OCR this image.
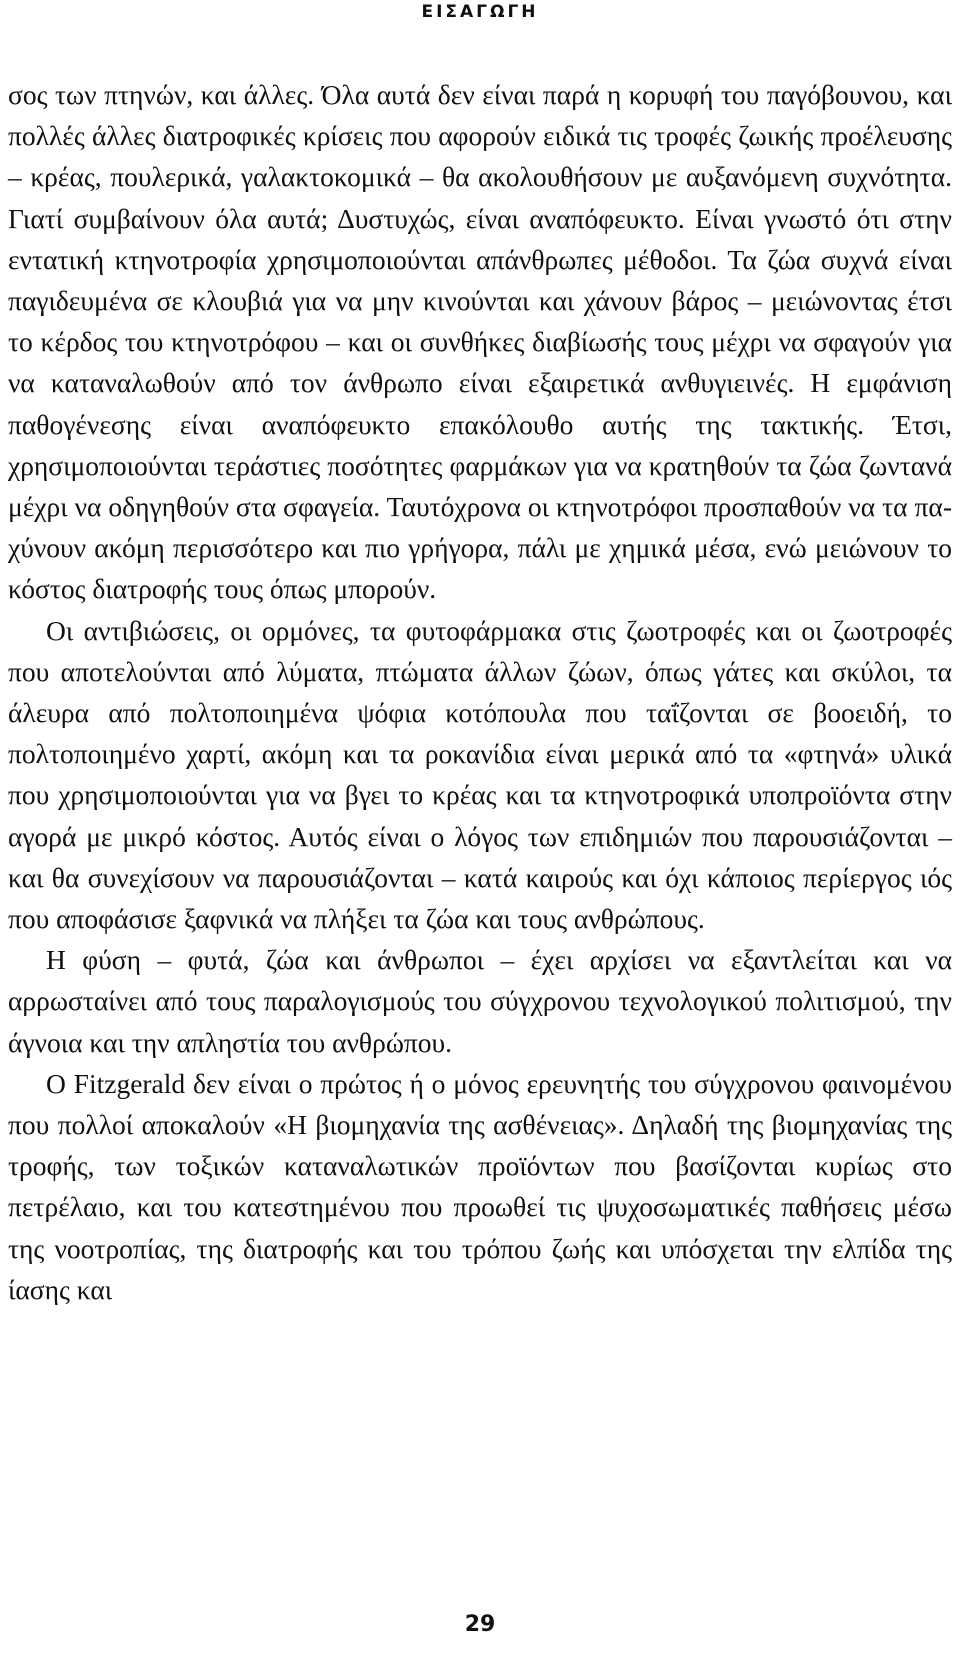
ΕΙΣΑΓΩΓΗ

σος των πτηνών, και άλλες. Όλα αυτά δεν είναι παρά η κορυφή του παγόβουνου, και πολλές άλλες διατροφικές κρίσεις που αφορούν ειδικά τις τροφές ζωικής προέλευσης – κρέας, πουλερικά, γαλακτοκομικά – θα ακολουθήσουν με αυξανόμενη συχνότητα. Γιατί συμβαίνουν όλα αυτά; Δυστυχώς, είναι αναπόφευκτο. Είναι γνωστό ότι στην εντατική κτηνοτροφία χρησιμοποιούνται απάνθρωπες μέθοδοι. Τα ζώα συχνά είναι παγιδευμένα σε κλουβιά για να μην κινούνται και χάνουν βάρος – μειώνοντας έτσι το κέρδος του κτηνοτρόφου – και οι συνθήκες διαβίωσής τους μέχρι να σφαγούν για να καταναλωθούν από τον άνθρωπο είναι εξαιρετικά ανθυγιεινές. Η εμφάνιση παθογένεσης είναι αναπόφευκτο επακόλουθο αυτής της τακτικής. Έτσι, χρησιμοποιούνται τεράστιες ποσότητες φαρμάκων για να κρατηθούν τα ζώα ζωντανά μέχρι να οδηγηθούν στα σφαγεία. Ταυτόχρονα οι κτηνοτρόφοι προσπαθούν να τα παχύνουν ακόμη περισσότερο και πιο γρήγορα, πάλι με χημικά μέσα, ενώ μειώνουν το κόστος διατροφής τους όπως μπορούν.

Οι αντιβιώσεις, οι ορμόνες, τα φυτοφάρμακα στις ζωοτροφές και οι ζωοτροφές που αποτελούνται από λύματα, πτώματα άλλων ζώων, όπως γάτες και σκύλοι, τα άλευρα από πολτοποιημένα ψόφια κοτόπουλα που ταΐζονται σε βοοειδή, το πολτοποιημένο χαρτί, ακόμη και τα ροκανίδια είναι μερικά από τα «φτηνά» υλικά που χρησιμοποιούνται για να βγει το κρέας και τα κτηνοτροφικά υποπροϊόντα στην αγορά με μικρό κόστος. Αυτός είναι ο λόγος των επιδημιών που παρουσιάζονται – και θα συνεχίσουν να παρουσιάζονται – κατά καιρούς και όχι κάποιος περίεργος ιός που αποφάσισε ξαφνικά να πλήξει τα ζώα και τους ανθρώπους.

Η φύση – φυτά, ζώα και άνθρωποι – έχει αρχίσει να εξαντλείται και να αρρωσταίνει από τους παραλογισμούς του σύγχρονου τεχνολογικού πολιτισμού, την άγνοια και την απληστία του ανθρώπου.

Ο Fitzgerald δεν είναι ο πρώτος ή ο μόνος ερευνητής του σύγχρονου φαινομένου που πολλοί αποκαλούν «Η βιομηχανία της ασθένειας». Δηλαδή της βιομηχανίας της τροφής, των τοξικών καταναλωτικών προϊόντων που βασίζονται κυρίως στο πετρέλαιο, και του κατεστημένου που προωθεί τις ψυχοσωματικές παθήσεις μέσω της νοοτροπίας, της διατροφής και του τρόπου ζωής και υπόσχεται την ελπίδα της ίασης και

29
